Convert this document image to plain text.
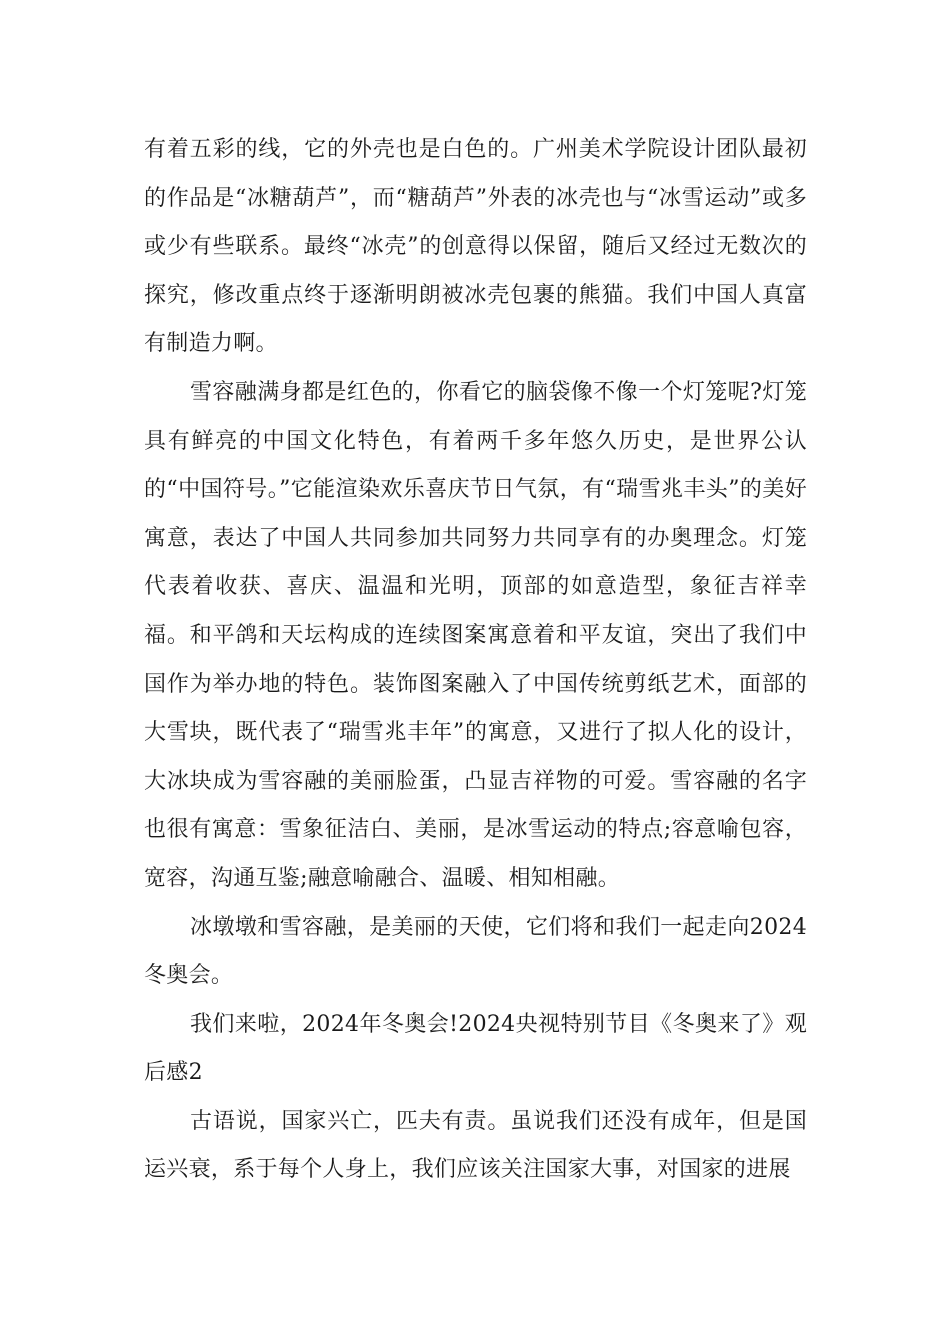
有着五彩的线，它的外壳也是白色的。广州美术学院设计团队最初的作品是“冰糖葫芦”，而“糖葫芦”外表的冰壳也与“冰雪运动”或多或少有些联系。最终“冰壳”的创意得以保留，随后又经过无数次的探究，修改重点终于逐渐明朗被冰壳包裹的熊猫。我们中国人真富有制造力啊。

雪容融满身都是红色的，你看它的脑袋像不像一个灯笼呢?灯笼具有鲜亮的中国文化特色，有着两千多年悠久历史，是世界公认的“中国符号。”它能渲染欢乐喜庆节日气氛，有“瑞雪兆丰头”的美好寓意，表达了中国人共同参加共同努力共同享有的办奥理念。灯笼代表着收获、喜庆、温温和光明，顶部的如意造型，象征吉祥幸福。和平鸽和天坛构成的连续图案寓意着和平友谊，突出了我们中国作为举办地的特色。装饰图案融入了中国传统剪纸艺术，面部的大雪块，既代表了“瑞雪兆丰年”的寓意，又进行了拟人化的设计，大冰块成为雪容融的美丽脸蛋，凸显吉祥物的可爱。雪容融的名字也很有寓意：雪象征洁白、美丽，是冰雪运动的特点;容意喻包容，宽容，沟通互鉴;融意喻融合、温暖、相知相融。

冰墩墩和雪容融，是美丽的天使，它们将和我们一起走向2024冬奥会。

我们来啦，2024年冬奥会!2024央视特别节目《冬奥来了》观后感2

古语说，国家兴亡，匹夫有责。虽说我们还没有成年，但是国运兴衰，系于每个人身上，我们应该关注国家大事，对国家的进展
